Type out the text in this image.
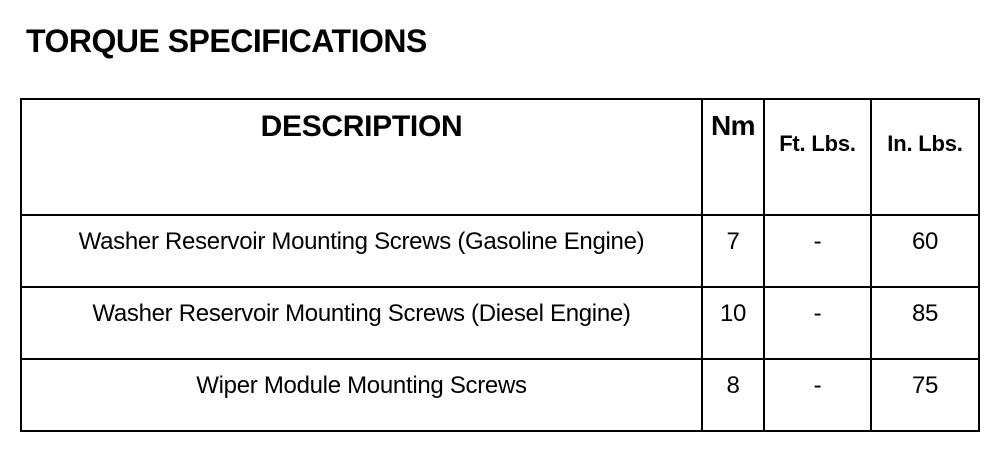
TORQUE SPECIFICATIONS
DESCRIPTION	Nm	Ft. Lbs.	In. Lbs.
Washer Reservoir Mounting Screws (Gasoline Engine)	7	-	60
Washer Reservoir Mounting Screws (Diesel Engine)	10	-	85
Wiper Module Mounting Screws	8	-	75
